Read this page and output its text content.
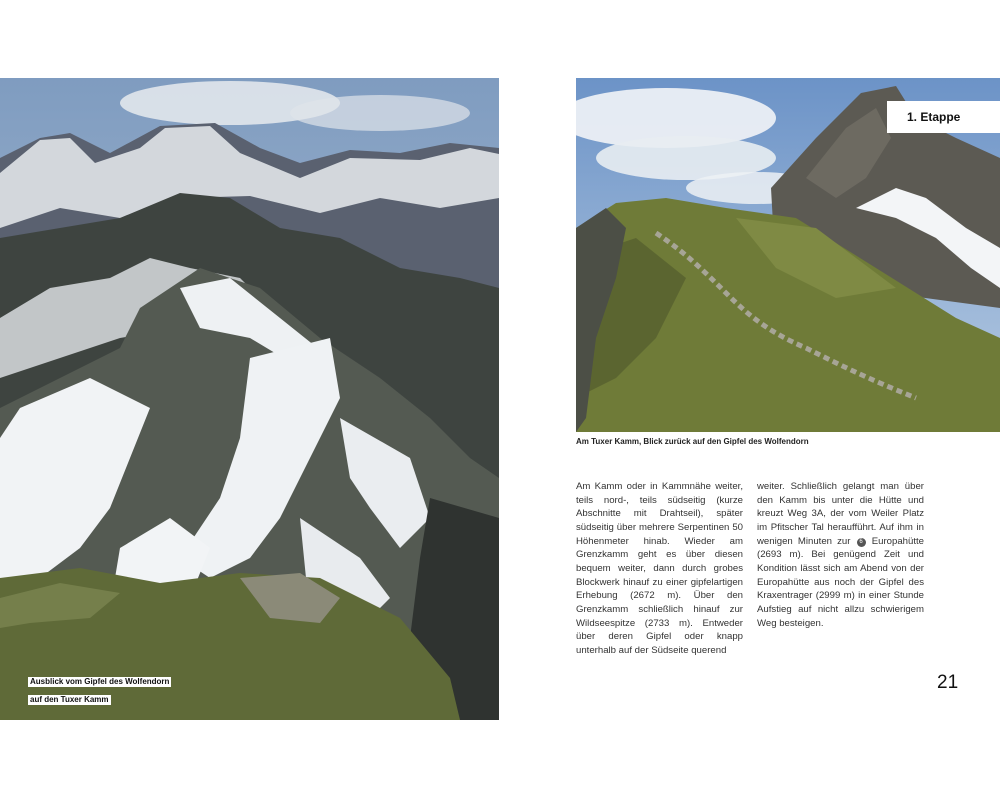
Ausblick vom Gipfel des Wolfendorn
auf den Tuxer Kamm
1. Etappe
Am Tuxer Kamm, Blick zurück auf den Gipfel des Wolfendorn
Am Kamm oder in Kammnähe weiter, teils nord-, teils südseitig (kurze Abschnitte mit Drahtseil), später südseitig über mehrere Serpentinen 50 Höhenmeter hinab. Wieder am Grenzkamm geht es über diesen bequem weiter, dann durch grobes Blockwerk hinauf zu einer gipfelartigen Erhebung (2672 m). Über den Grenzkamm schließlich hinauf zur Wildseespitze (2733 m). Entweder über deren Gipfel oder knapp unterhalb auf der Südseite querend
weiter. Schließlich gelangt man über den Kamm bis unter die Hütte und kreuzt Weg 3A, der vom Weiler Platz im Pfitscher Tal heraufführt. Auf ihm in wenigen Minuten zur 6 Europahütte (2693 m). Bei genügend Zeit und Kondition lässt sich am Abend von der Europahütte aus noch der Gipfel des Kraxentrager (2999 m) in einer Stunde Aufstieg auf nicht allzu schwierigem Weg besteigen.
21
